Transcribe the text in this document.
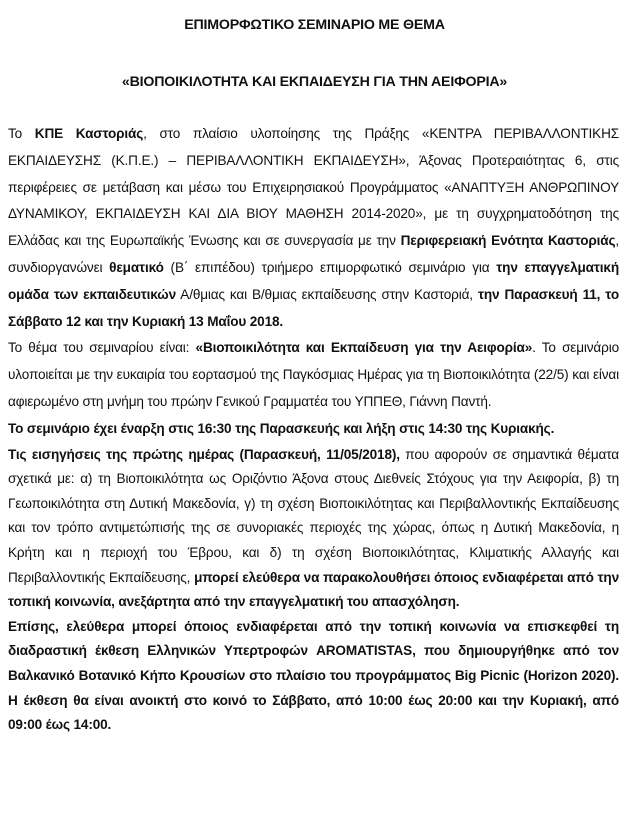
ΕΠΙΜΟΡΦΩΤΙΚΟ ΣΕΜΙΝΑΡΙΟ ΜΕ ΘΕΜΑ
«ΒΙΟΠΟΙΚΙΛΟΤΗΤΑ ΚΑΙ ΕΚΠΑΙΔΕΥΣΗ ΓΙΑ ΤΗΝ ΑΕΙΦΟΡΙΑ»

Το ΚΠΕ Καστοριάς, στο πλαίσιο υλοποίησης της Πράξης «ΚΕΝΤΡΑ ΠΕΡΙΒΑΛΛΟΝΤΙΚΗΣ ΕΚΠΑΙΔΕΥΣΗΣ (Κ.Π.Ε.) – ΠΕΡΙΒΑΛΛΟΝΤΙΚΗ ΕΚΠΑΙΔΕΥΣΗ», Άξονας Προτεραιότητας 6, στις περιφέρειες σε μετάβαση και μέσω του Επιχειρησιακού Προγράμματος «ΑΝΑΠΤΥΞΗ ΑΝΘΡΩΠΙΝΟΥ ΔΥΝΑΜΙΚΟΥ, ΕΚΠΑΙΔΕΥΣΗ ΚΑΙ ΔΙΑ ΒΙΟΥ ΜΑΘΗΣΗ 2014-2020», με τη συγχρηματοδότηση της Ελλάδας και της Ευρωπαϊκής Ένωσης και σε συνεργασία με την Περιφερειακή Ενότητα Καστοριάς, συνδιοργανώνει θεματικό (Β΄ επιπέδου) τριήμερο επιμορφωτικό σεμινάριο για την επαγγελματική ομάδα των εκπαιδευτικών Α/θμιας και Β/θμιας εκπαίδευσης στην Καστοριά, την Παρασκευή 11, το Σάββατο 12 και την Κυριακή 13 Μαΐου 2018.

Το θέμα του σεμιναρίου είναι: «Βιοποικιλότητα και Εκπαίδευση για την Αειφορία». Το σεμινάριο υλοποιείται με την ευκαιρία του εορτασμού της Παγκόσμιας Ημέρας για τη Βιοποικιλότητα (22/5) και είναι αφιερωμένο στη μνήμη του πρώην Γενικού Γραμματέα του ΥΠΠΕΘ, Γιάννη Παντή.

Το σεμινάριο έχει έναρξη στις 16:30 της Παρασκευής και λήξη στις 14:30 της Κυριακής.

Τις εισηγήσεις της πρώτης ημέρας (Παρασκευή, 11/05/2018), που αφορούν σε σημαντικά θέματα σχετικά με: α) τη Βιοποικιλότητα ως Οριζόντιο Άξονα στους Διεθνείς Στόχους για την Αειφορία, β) τη Γεωποικιλότητα στη Δυτική Μακεδονία, γ) τη σχέση Βιοποικιλότητας και Περιβαλλοντικής Εκπαίδευσης και τον τρόπο αντιμετώπισής της σε συνοριακές περιοχές της χώρας, όπως η Δυτική Μακεδονία, η Κρήτη και η περιοχή του Έβρου, και δ) τη σχέση Βιοποικιλότητας, Κλιματικής Αλλαγής και Περιβαλλοντικής Εκπαίδευσης, μπορεί ελεύθερα να παρακολουθήσει όποιος ενδιαφέρεται από την τοπική κοινωνία, ανεξάρτητα από την επαγγελματική του απασχόληση.

Επίσης, ελεύθερα μπορεί όποιος ενδιαφέρεται από την τοπική κοινωνία να επισκεφθεί τη διαδραστική έκθεση Ελληνικών Υπερτροφών AROMATISTAS, που δημιουργήθηκε από τον Βαλκανικό Βοτανικό Κήπο Κρουσίων στο πλαίσιο του προγράμματος Big Picnic (Horizon 2020). Η έκθεση θα είναι ανοικτή στο κοινό το Σάββατο, από 10:00 έως 20:00 και την Κυριακή, από 09:00 έως 14:00.
